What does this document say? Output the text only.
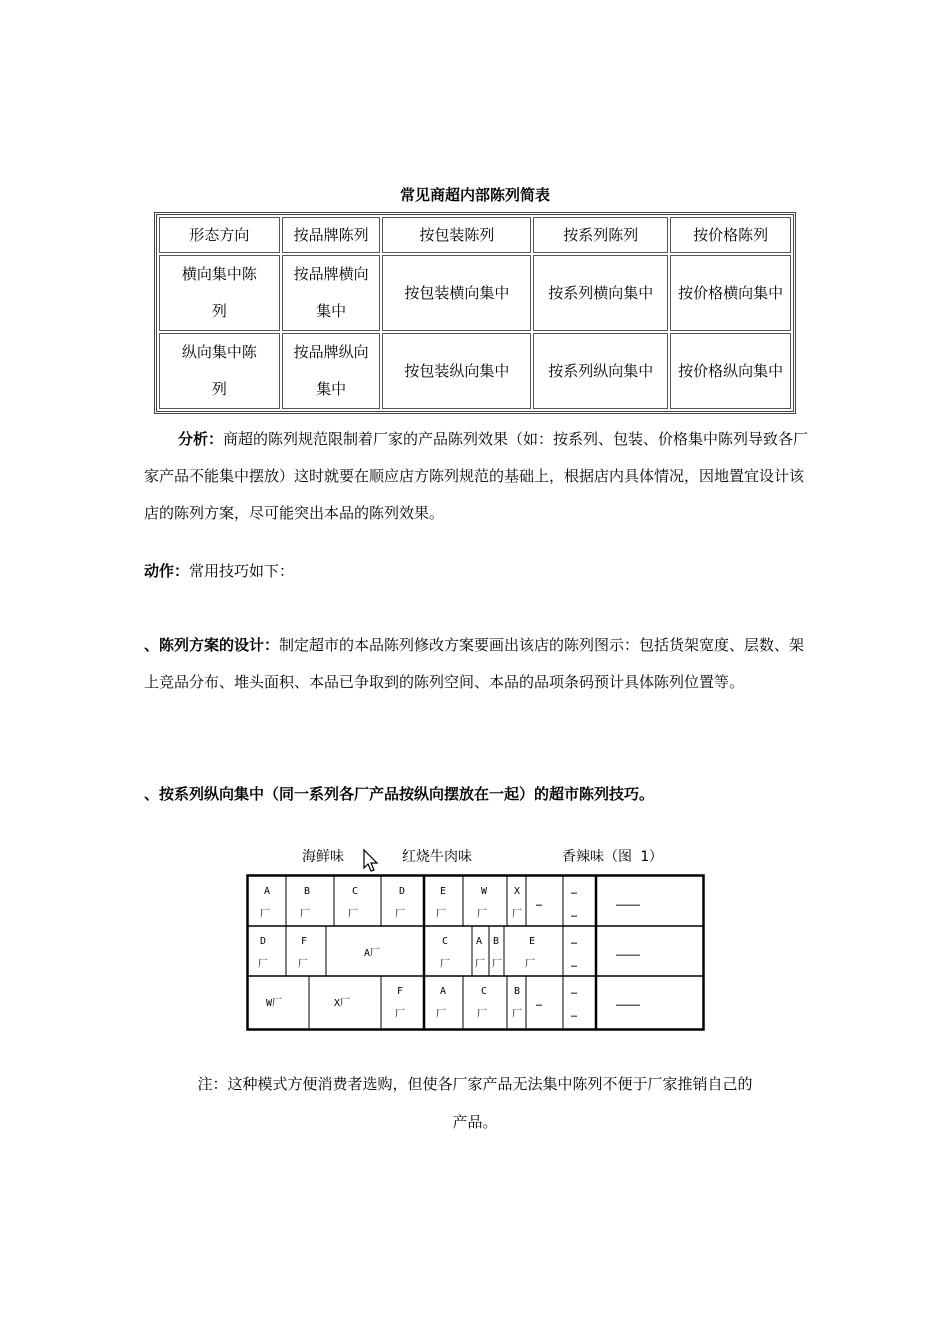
常见商超内部陈列简表
形态方向	按品牌陈列	按包装陈列	按系列陈列	按价格陈列
横向集中陈列	按品牌横向集中	按包装横向集中	按系列横向集中	按价格横向集中
纵向集中陈列	按品牌纵向集中	按包装纵向集中	按系列纵向集中	按价格纵向集中
分析：商超的陈列规范限制着厂家的产品陈列效果（如：按系列、包装、价格集中陈列导致各厂家产品不能集中摆放）这时就要在顺应店方陈列规范的基础上，根据店内具体情况，因地置宜设计该店的陈列方案，尽可能突出本品的陈列效果。
动作：常用技巧如下：
、陈列方案的设计：制定超市的本品陈列修改方案要画出该店的陈列图示：包括货架宽度、层数、架上竞品分布、堆头面积、本品已争取到的陈列空间、本品的品项条码预计具体陈列位置等。
、按系列纵向集中（同一系列各厂产品按纵向摆放在一起）的超市陈列技巧。
海鲜味	红烧牛肉味	香辣味（图 1）
A
厂
B
厂
C
厂
D
厂
E
厂
W
厂
X
厂
…
…
…
…………
D
厂
F
厂
A厂
C
厂
A
厂
B
厂
E
厂
…
…
…………
W厂	X厂
F
厂
A
厂
C
厂
B
厂
…
…
…
…………
注：这种模式方便消费者选购，但使各厂家产品无法集中陈列不便于厂家推销自己的
产品。
